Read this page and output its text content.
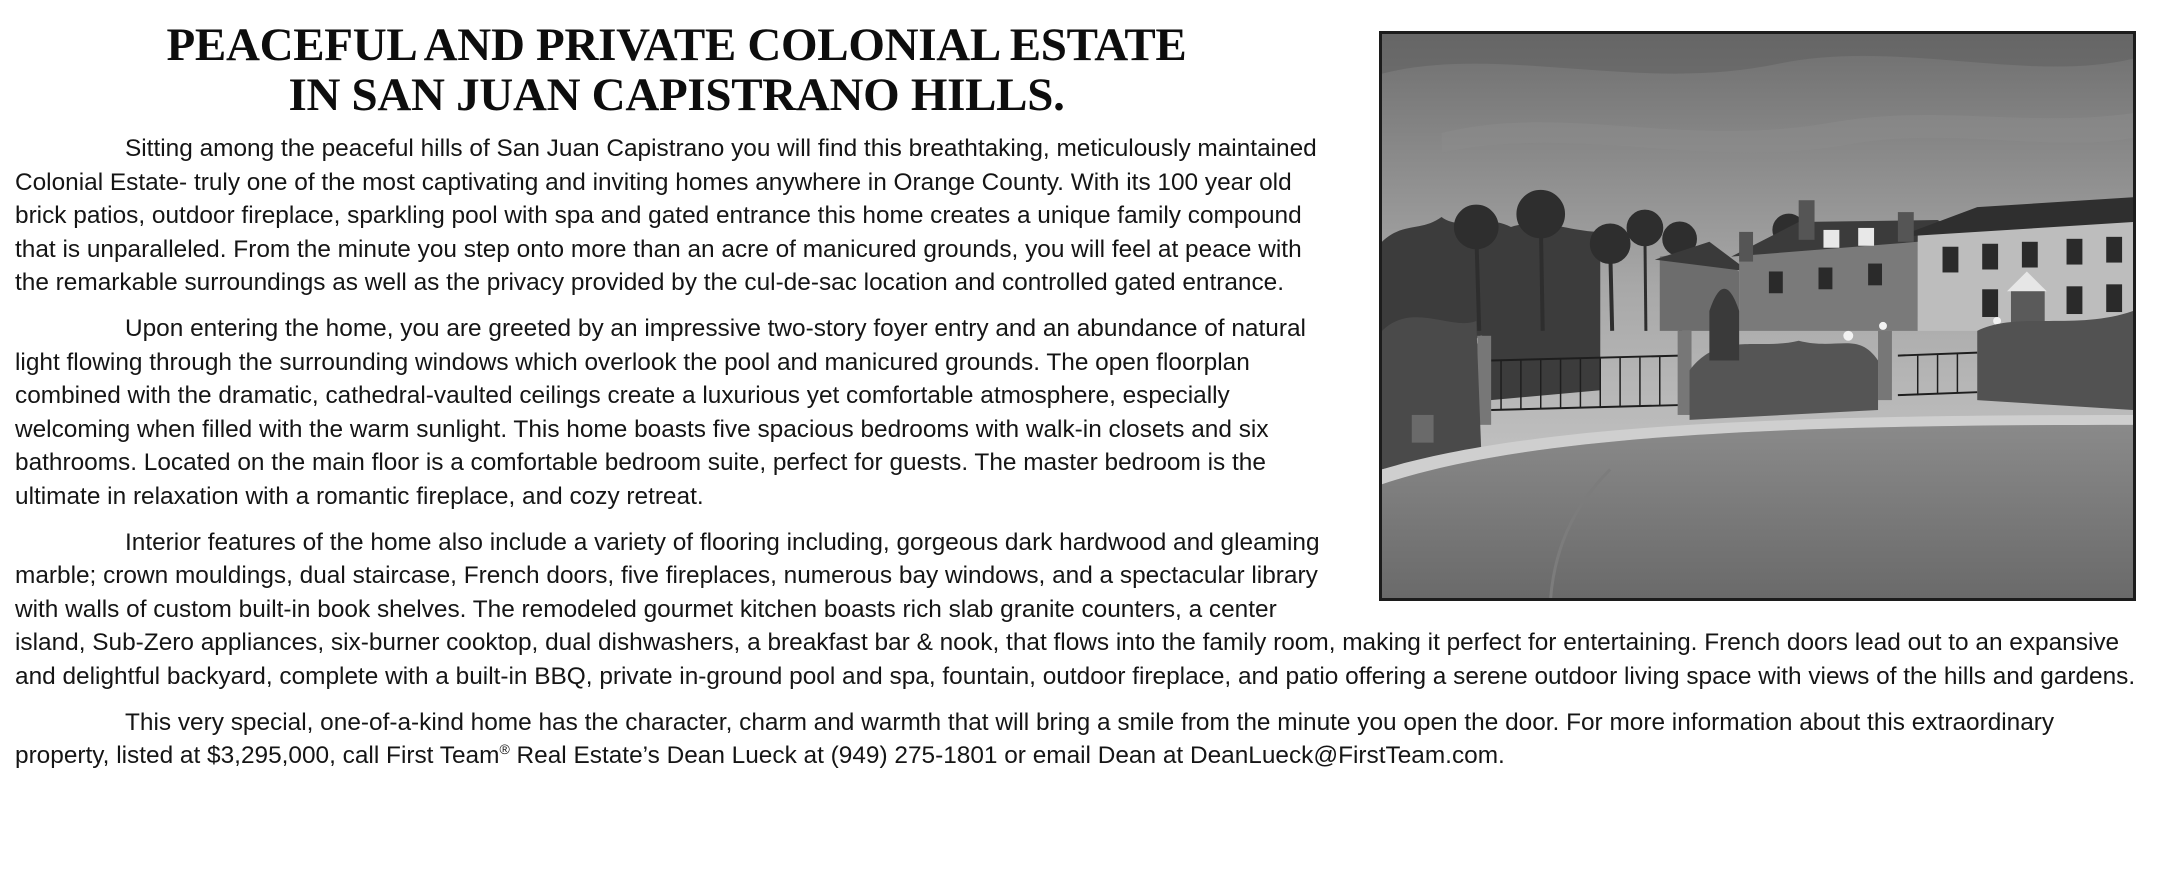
PEACEFUL AND PRIVATE COLONIAL ESTATE
IN SAN JUAN CAPISTRANO HILLS.

Sitting among the peaceful hills of San Juan Capistrano you will find this breathtaking, meticulously maintained Colonial Estate- truly one of the most captivating and inviting homes anywhere in Orange County. With its 100 year old brick patios, outdoor fireplace, sparkling pool with spa and gated entrance this home creates a unique family compound that is unparalleled. From the minute you step onto more than an acre of manicured grounds, you will feel at peace with the remarkable surroundings as well as the privacy provided by the cul-de-sac location and controlled gated entrance.

Upon entering the home, you are greeted by an impressive two-story foyer entry and an abundance of natural light flowing through the surrounding windows which overlook the pool and manicured grounds. The open floorplan combined with the dramatic, cathedral-vaulted ceilings create a luxurious yet comfortable atmosphere, especially welcoming when filled with the warm sunlight. This home boasts five spacious bedrooms with walk-in closets and six bathrooms. Located on the main floor is a comfortable bedroom suite, perfect for guests. The master bedroom is the ultimate in relaxation with a romantic fireplace, and cozy retreat.

Interior features of the home also include a variety of flooring including, gorgeous dark hardwood and gleaming marble; crown mouldings, dual staircase, French doors, five fireplaces, numerous bay windows, and a spectacular library with walls of custom built-in book shelves. The remodeled gourmet kitchen boasts rich slab granite counters, a center island, Sub-Zero appliances, six-burner cooktop, dual dishwashers, a breakfast bar & nook, that flows into the family room, making it perfect for entertaining. French doors lead out to an expansive and delightful backyard, complete with a built-in BBQ, private in-ground pool and spa, fountain, outdoor fireplace, and patio offering a serene outdoor living space with views of the hills and gardens.

This very special, one-of-a-kind home has the character, charm and warmth that will bring a smile from the minute you open the door. For more information about this extraordinary property, listed at $3,295,000, call First Team® Real Estate’s Dean Lueck at (949) 275-1801 or email Dean at DeanLueck@FirstTeam.com.
